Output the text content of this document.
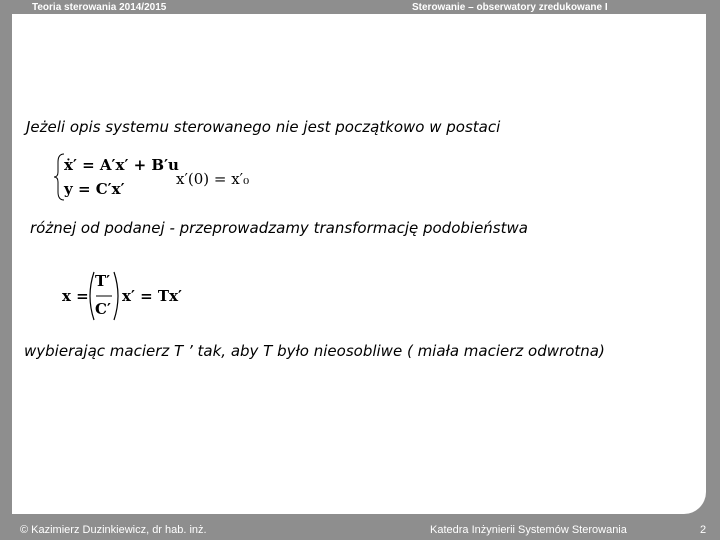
Teoria sterowania 2014/2015	Sterowanie – obserwatory zredukowane I
Jeżeli opis systemu sterowanego nie jest początkowo w postaci
ẋ′ = A′x′ + B′u
y = C′x′
x′(0) = x′₀
różnej od podanej - przeprowadzamy transformację podobieństwa
x =
T′
C′
x′ = Tx′
wybierając macierz T ’ tak, aby T było nieosobliwe ( miała macierz odwrotna)
© Kazimierz Duzinkiewicz, dr hab. inż.	Katedra Inżynierii Systemów Sterowania	2
